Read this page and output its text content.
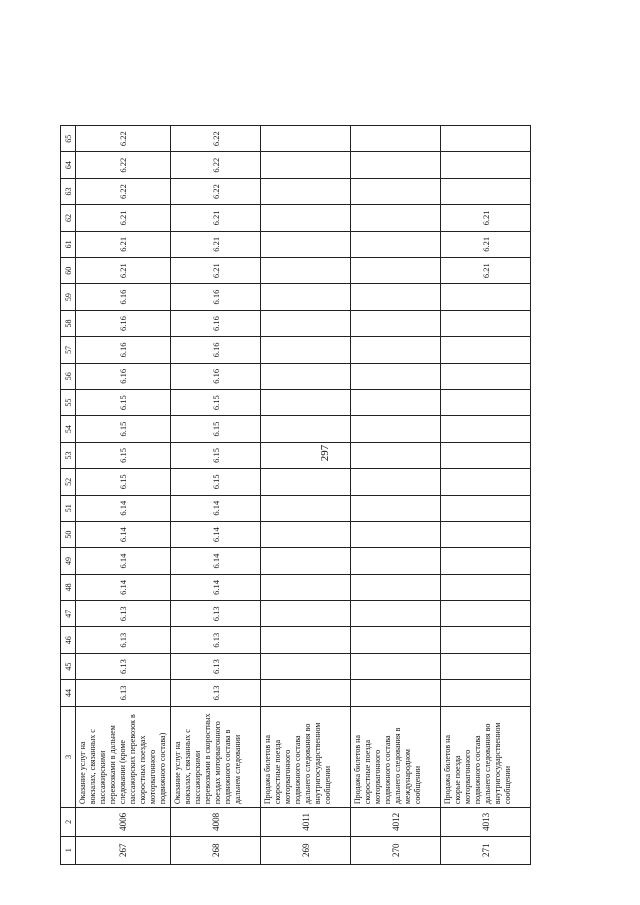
297
1	2	3	44	45	46	47	48	49	50	51	52	53	54	55	56	57	58	59	60	61	62	63	64	65
267	4006	Оказание услуг на вокзалах, связанных с пассажирскими перевозками в дальнем следовании (кроме пассажирских перевозок в скоростных поездах моторвагонного подвижного состава)	6.13	6.13	6.13	6.13	6.14	6.14	6.14	6.14	6.15	6.15	6.15	6.15	6.16	6.16	6.16	6.16	6.21	6.21	6.21	6.22	6.22	6.22
268	4008	Оказание услуг на вокзалах, связанных с пассажирскими перевозками в скоростных поездах моторвагонного подвижного состава в дальнем следовании	6.13	6.13	6.13	6.13	6.14	6.14	6.14	6.14	6.15	6.15	6.15	6.15	6.16	6.16	6.16	6.16	6.21	6.21	6.21	6.22	6.22	6.22
269	4011	Продажа билетов на скоростные поезда моторвагонного подвижного состава дальнего следования во внутригосударственном сообщении																						
270	4012	Продажа билетов на скоростные поезда моторвагонного подвижного состава дальнего следования в международном сообщении																						
271	4013	Продажа билетов на скорые поезда моторвагонного подвижного состава дальнего следования во внутригосударственном сообщении																	6.21	6.21	6.21			
